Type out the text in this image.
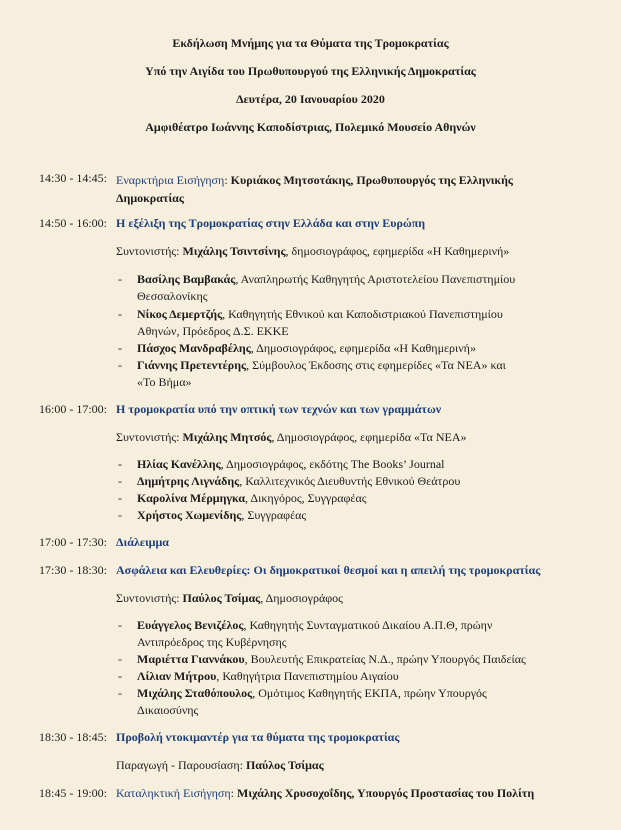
Εκδήλωση Μνήμης για τα Θύματα της Τρομοκρατίας
Υπό την Αιγίδα του Πρωθυπουργού της Ελληνικής Δημοκρατίας
Δευτέρα, 20 Ιανουαρίου 2020
Αμφιθέατρο Ιωάννης Καποδίστριας, Πολεμικό Μουσείο Αθηνών
14:30 - 14:45: Εναρκτήρια Εισήγηση: Κυριάκος Μητσοτάκης, Πρωθυπουργός της Ελληνικής
Δημοκρατίας
14:50 - 16:00: Η εξέλιξη της Τρομοκρατίας στην Ελλάδα και στην Ευρώπη
Συντονιστής: Μιχάλης Τσιντσίνης, δημοσιογράφος, εφημερίδα «Η Καθημερινή»
- Βασίλης Βαμβακάς, Αναπληρωτής Καθηγητής Αριστοτελείου Πανεπιστημίου
Θεσσαλονίκης
- Νίκος Δεμερτζής, Καθηγητής Εθνικού και Καποδιστριακού Πανεπιστημίου
Αθηνών, Πρόεδρος Δ.Σ. ΕΚΚΕ
- Πάσχος Μανδραβέλης, Δημοσιογράφος, εφημερίδα «Η Καθημερινή»
- Γιάννης Πρετεντέρης, Σύμβουλος Έκδοσης στις εφημερίδες «Τα ΝΕΑ» και
«Το Βήμα»
16:00 - 17:00: Η τρομοκρατία υπό την οπτική των τεχνών και των γραμμάτων
Συντονιστής: Μιχάλης Μητσός, Δημοσιογράφος, εφημερίδα «Τα ΝΕΑ»
- Ηλίας Κανέλλης, Δημοσιογράφος, εκδότης The Books’ Journal
- Δημήτρης Λιγνάδης, Καλλιτεχνικός Διευθυντής Εθνικού Θεάτρου
- Καρολίνα Μέρμηγκα, Δικηγόρος, Συγγραφέας
- Χρήστος Χωμενίδης, Συγγραφέας
17:00 - 17:30: Διάλειμμα
17:30 - 18:30: Ασφάλεια και Ελευθερίες: Οι δημοκρατικοί θεσμοί και η απειλή της τρομοκρατίας
Συντονιστής: Παύλος Τσίμας, Δημοσιογράφος
- Ευάγγελος Βενιζέλος, Καθηγητής Συνταγματικού Δικαίου Α.Π.Θ, πρώην
Αντιπρόεδρος της Κυβέρνησης
- Μαριέττα Γιαννάκου, Βουλευτής Επικρατείας Ν.Δ., πρώην Υπουργός Παιδείας
- Λίλιαν Μήτρου, Καθηγήτρια Πανεπιστημίου Αιγαίου
- Μιχάλης Σταθόπουλος, Ομότιμος Καθηγητής ΕΚΠΑ, πρώην Υπουργός
Δικαιοσύνης
18:30 - 18:45: Προβολή ντοκιμαντέρ για τα θύματα της τρομοκρατίας
Παραγωγή - Παρουσίαση: Παύλος Τσίμας
18:45 - 19:00: Καταληκτική Εισήγηση: Μιχάλης Χρυσοχοΐδης, Υπουργός Προστασίας του Πολίτη
